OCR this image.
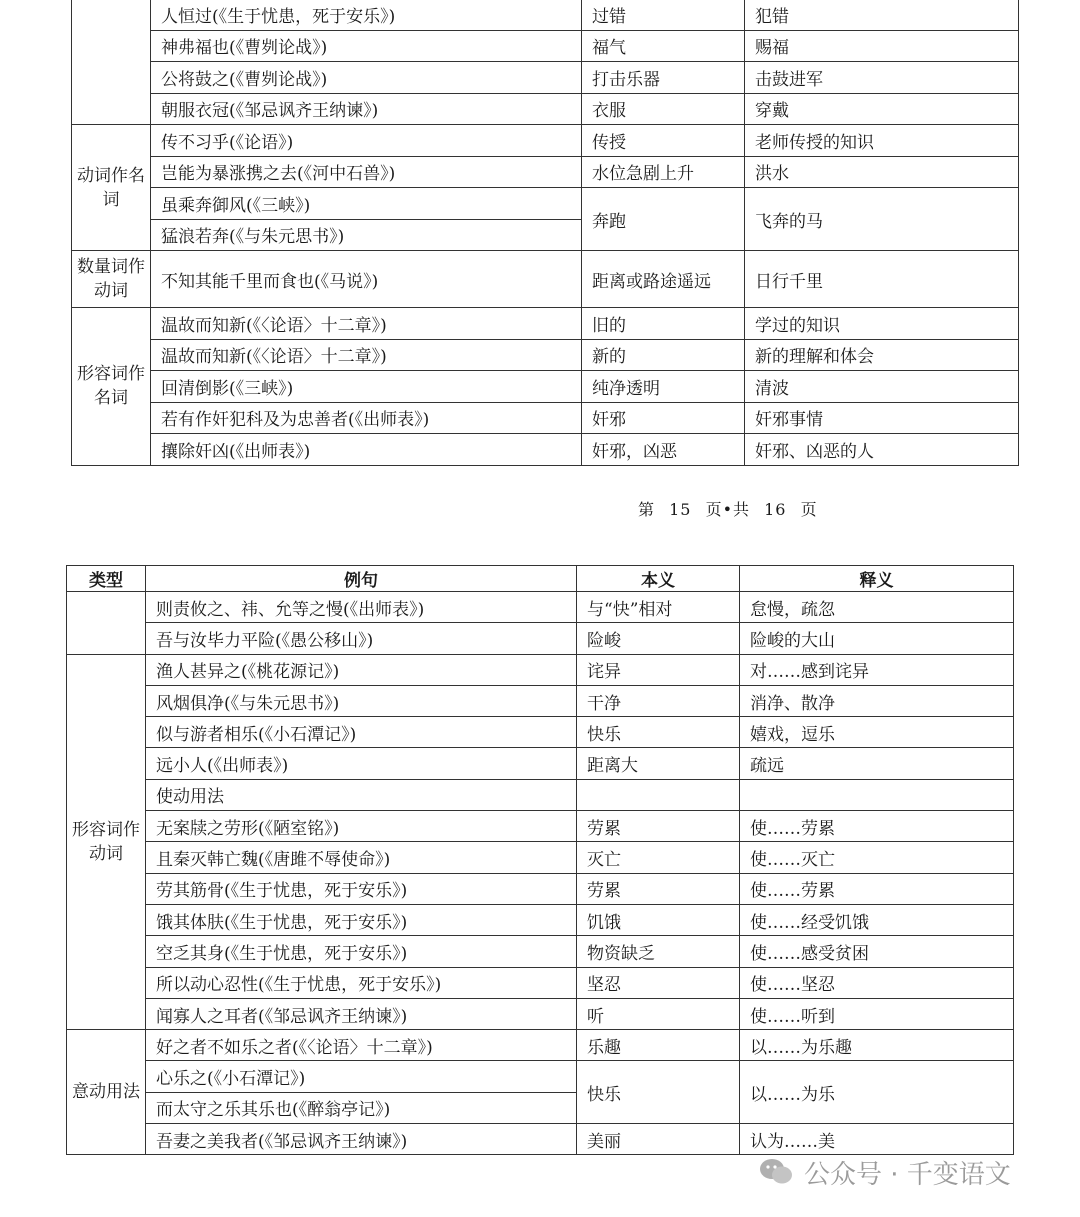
	人恒过(《生于忧患，死于安乐》)	过错	犯错
	神弗福也(《曹刿论战》)	福气	赐福
	公将鼓之(《曹刿论战》)	打击乐器	击鼓进军
	朝服衣冠(《邹忌讽齐王纳谏》)	衣服	穿戴
动词作名词	传不习乎(《论语》)	传授	老师传授的知识
	岂能为暴涨携之去(《河中石兽》)	水位急剧上升	洪水
	虽乘奔御风(《三峡》)	奔跑	飞奔的马
	猛浪若奔(《与朱元思书》)		
数量词作动词	不知其能千里而食也(《马说》)	距离或路途遥远	日行千里
形容词作名词	温故而知新(《〈论语〉十二章》)	旧的	学过的知识
	温故而知新(《〈论语〉十二章》)	新的	新的理解和体会
	回清倒影(《三峡》)	纯净透明	清波
	若有作奸犯科及为忠善者(《出师表》)	奸邪	奸邪事情
	攘除奸凶(《出师表》)	奸邪，凶恶	奸邪、凶恶的人
第 15 页•共 16 页
类型	例句	本义	释义
	则责攸之、祎、允等之慢(《出师表》)	与“快”相对	怠慢，疏忽
	吾与汝毕力平险(《愚公移山》)	险峻	险峻的大山
形容词作动词	渔人甚异之(《桃花源记》)	诧异	对……感到诧异
	风烟俱净(《与朱元思书》)	干净	消净、散净
	似与游者相乐(《小石潭记》)	快乐	嬉戏，逗乐
	远小人(《出师表》)	距离大	疏远
	使动用法		
	无案牍之劳形(《陋室铭》)	劳累	使……劳累
	且秦灭韩亡魏(《唐雎不辱使命》)	灭亡	使……灭亡
	劳其筋骨(《生于忧患，死于安乐》)	劳累	使……劳累
	饿其体肤(《生于忧患，死于安乐》)	饥饿	使……经受饥饿
	空乏其身(《生于忧患，死于安乐》)	物资缺乏	使……感受贫困
	所以动心忍性(《生于忧患，死于安乐》)	坚忍	使……坚忍
	闻寡人之耳者(《邹忌讽齐王纳谏》)	听	使……听到
意动用法	好之者不如乐之者(《〈论语〉十二章》)	乐趣	以……为乐趣
	心乐之(《小石潭记》)	快乐	以……为乐
	而太守之乐其乐也(《醉翁亭记》)		
	吾妻之美我者(《邹忌讽齐王纳谏》)	美丽	认为……美
公众号 · 千变语文
